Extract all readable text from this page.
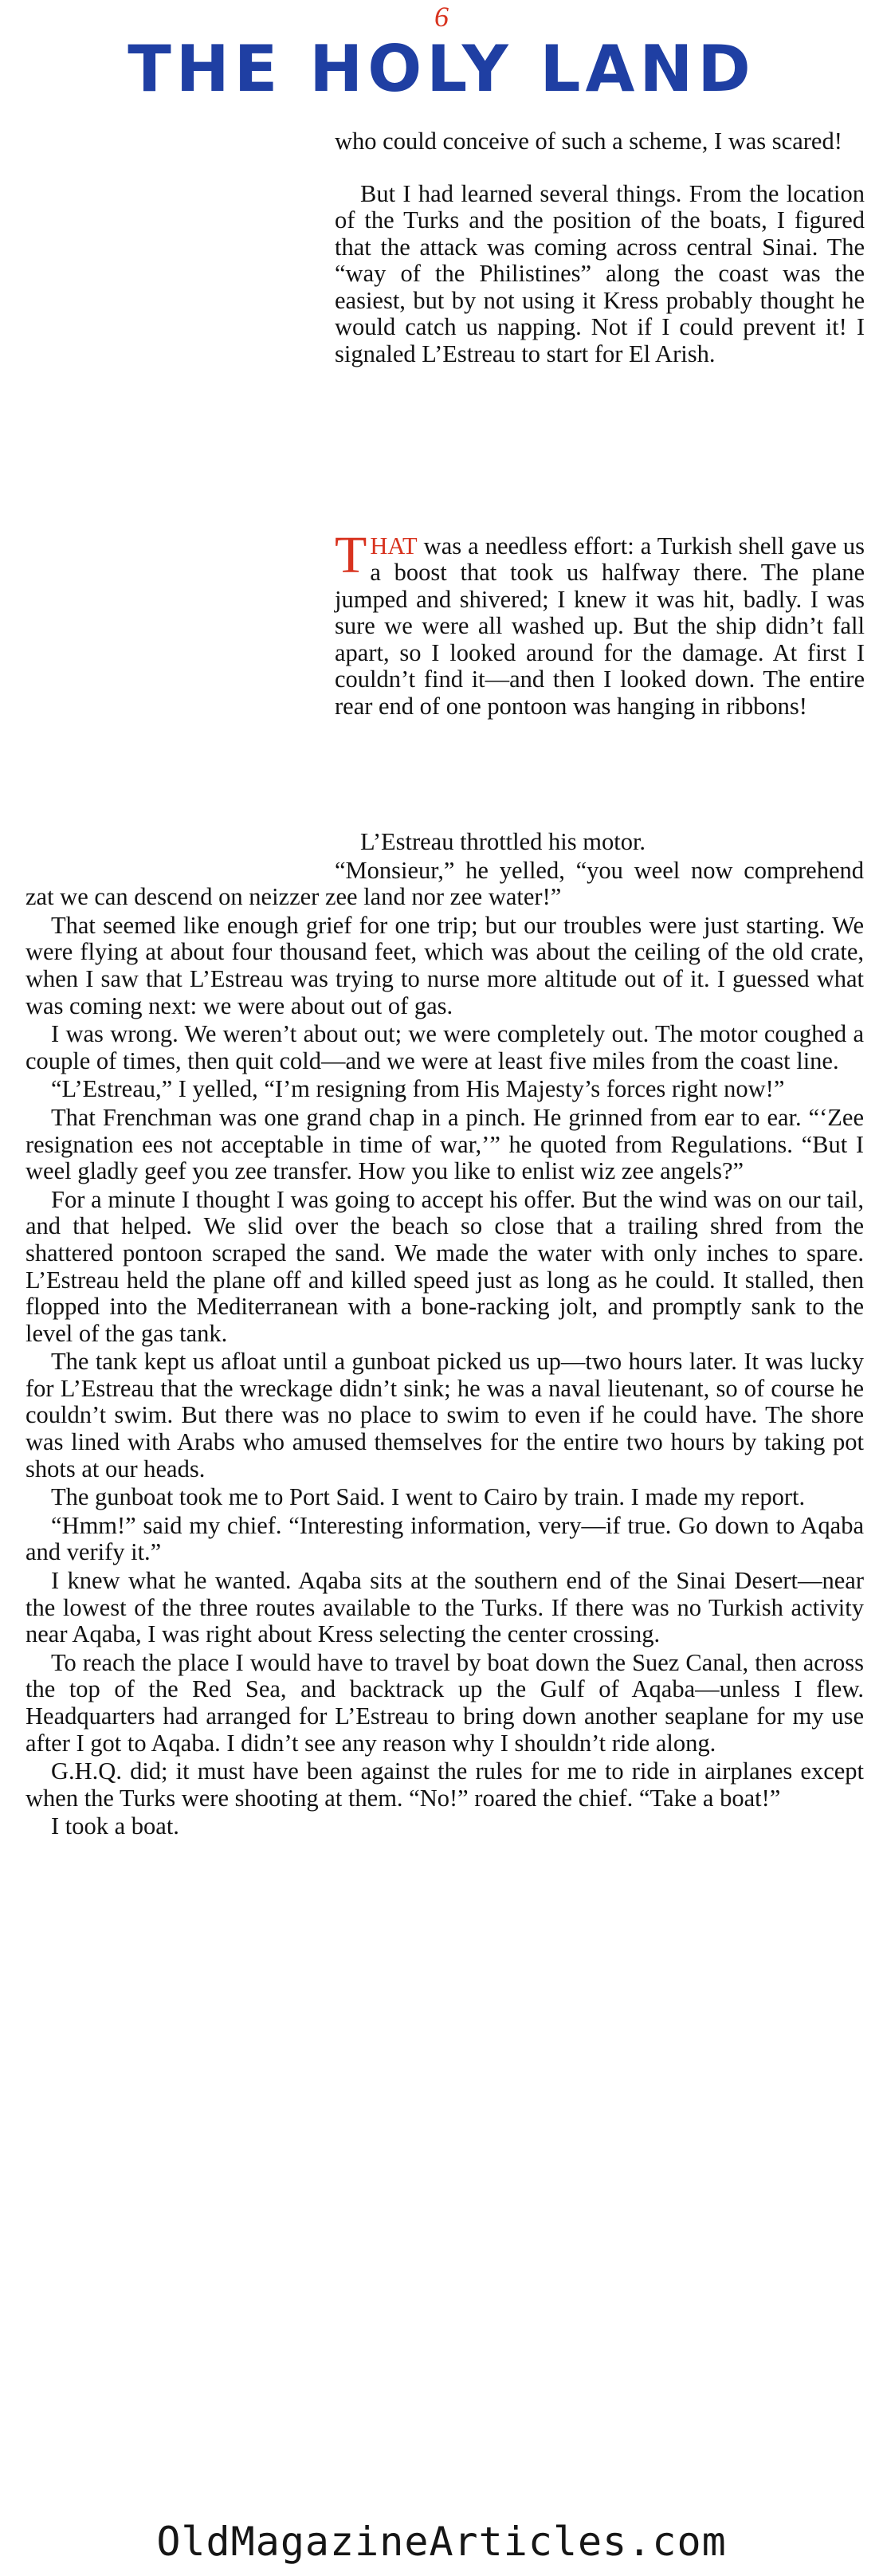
6
THE HOLY LAND

who could conceive of such a scheme, I was scared!

But I had learned several things. From the location of the Turks and the position of the boats, I figured that the attack was coming across central Sinai. The “way of the Philistines” along the coast was the easiest, but by not using it Kress probably thought he would catch us napping. Not if I could prevent it! I signaled L’Estreau to start for El Arish.

THAT was a needless effort: a Turkish shell gave us a boost that took us halfway there. The plane jumped and shivered; I knew it was hit, badly. I was sure we were all washed up. But the ship didn’t fall apart, so I looked around for the damage. At first I couldn’t find it—and then I looked down. The entire rear end of one pontoon was hanging in ribbons!

L’Estreau throttled his motor.

“Monsieur,” he yelled, “you weel now comprehend zat we can descend on neizzer zee land nor zee water!”

That seemed like enough grief for one trip; but our troubles were just starting. We were flying at about four thousand feet, which was about the ceiling of the old crate, when I saw that L’Estreau was trying to nurse more altitude out of it. I guessed what was coming next: we were about out of gas.

I was wrong. We weren’t about out; we were completely out. The motor coughed a couple of times, then quit cold—and we were at least five miles from the coast line.

“L’Estreau,” I yelled, “I’m resigning from His Majesty’s forces right now!”

That Frenchman was one grand chap in a pinch. He grinned from ear to ear. “‘Zee resignation ees not acceptable in time of war,’” he quoted from Regulations. “But I weel gladly geef you zee transfer. How you like to enlist wiz zee angels?”

For a minute I thought I was going to accept his offer. But the wind was on our tail, and that helped. We slid over the beach so close that a trailing shred from the shattered pontoon scraped the sand. We made the water with only inches to spare. L’Estreau held the plane off and killed speed just as long as he could. It stalled, then flopped into the Mediterranean with a bone-racking jolt, and promptly sank to the level of the gas tank.

The tank kept us afloat until a gunboat picked us up—two hours later. It was lucky for L’Estreau that the wreckage didn’t sink; he was a naval lieutenant, so of course he couldn’t swim. But there was no place to swim to even if he could have. The shore was lined with Arabs who amused themselves for the entire two hours by taking pot shots at our heads.

The gunboat took me to Port Said. I went to Cairo by train. I made my report.

“Hmm!” said my chief. “Interesting information, very—if true. Go down to Aqaba and verify it.”

I knew what he wanted. Aqaba sits at the southern end of the Sinai Desert—near the lowest of the three routes available to the Turks. If there was no Turkish activity near Aqaba, I was right about Kress selecting the center crossing.

To reach the place I would have to travel by boat down the Suez Canal, then across the top of the Red Sea, and backtrack up the Gulf of Aqaba—unless I flew. Headquarters had arranged for L’Estreau to bring down another seaplane for my use after I got to Aqaba. I didn’t see any reason why I shouldn’t ride along.

G.H.Q. did; it must have been against the rules for me to ride in airplanes except when the Turks were shooting at them. “No!” roared the chief. “Take a boat!”

I took a boat.

OldMagazineArticles.com
